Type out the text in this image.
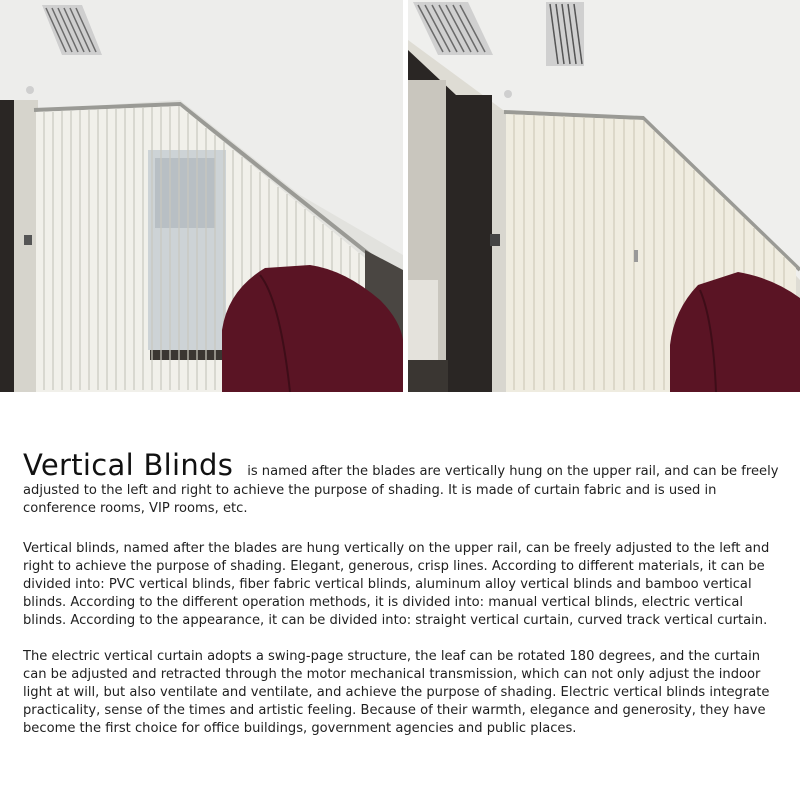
Vertical Blinds is named after the blades are vertically hung on the upper rail, and can be freely adjusted to the left and right to achieve the purpose of shading. It is made of curtain fabric and is used in conference rooms, VIP rooms, etc.

Vertical blinds, named after the blades are hung vertically on the upper rail, can be freely adjusted to the left and right to achieve the purpose of shading. Elegant, generous, crisp lines. According to different materials, it can be divided into: PVC vertical blinds, fiber fabric vertical blinds, aluminum alloy vertical blinds and bamboo vertical blinds. According to the different operation methods, it is divided into: manual vertical blinds, electric vertical blinds. According to the appearance, it can be divided into: straight vertical curtain, curved track vertical curtain.

The electric vertical curtain adopts a swing-page structure, the leaf can be rotated 180 degrees, and the curtain can be adjusted and retracted through the motor mechanical transmission, which can not only adjust the indoor light at will, but also ventilate and ventilate, and achieve the purpose of shading. Electric vertical blinds integrate practicality, sense of the times and artistic feeling. Because of their warmth, elegance and generosity, they have become the first choice for office buildings, government agencies and public places.
